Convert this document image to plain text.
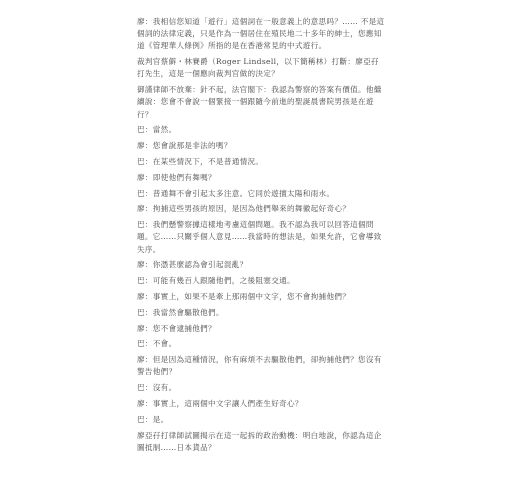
廖：我相信您知道「遊行」這個詞在一般意義上的意思吗？…… 不是這個詞的法律定義，只是作為一個居住在殖民地二十多年的紳士，您應知道《管理華人條例》所指的是在香港常見的中式遊行。

裁判官蔡僻・林賽爵（Roger Lindsell，以下簡稱林）打斷：廖亞孖打先生，這是一個應向裁判官做的決定？

御謹律師不放棄：針不起，法官閣下：我認為警察的答案有價值。他繼續說：您會不會說一個緊接一個跟隨今前進的聖誕晨書院男孩是在遊行？

巴：當然。

廖：您會說那是非法的嗎？

巴：在某些情況下，不是普通情況。

廖：即使他們有舞嗎？

巴：普通舞不會引起太多注意。它同於遊擅太陽和雨水。

廖：拘捕這些男孩的原因，是因為他們舉來的舞徽起好奇心？

巴：我們懸警察據這樣地考慮這個問題。我不認為我可以回答這個問題。它……只關乎個人意見……我當時的想法是，如果允許，它會導致失序。

廖：你憑甚麼認為會引起混亂？

巴：可能有幾百人跟隨他們，之後阻塞交通。

廖：事實上，如果不是牽上那兩個中文字，您不會拘捕他們？

巴：我當然會驅散他們。

廖：您不會逮捕他們？

巴：不會。

廖：但是因為這種情況，你有麻煩不去驅散他們，卻拘捕他們？您沒有警告他們？

巴：沒有。

廖：事實上，這兩個中文字讓人們產生好奇心？

巴：是。

廖亞孖打律師試圖揭示在這一起拆的政治動機：明白地說，你認為這企圖抵制……日本貨品？
